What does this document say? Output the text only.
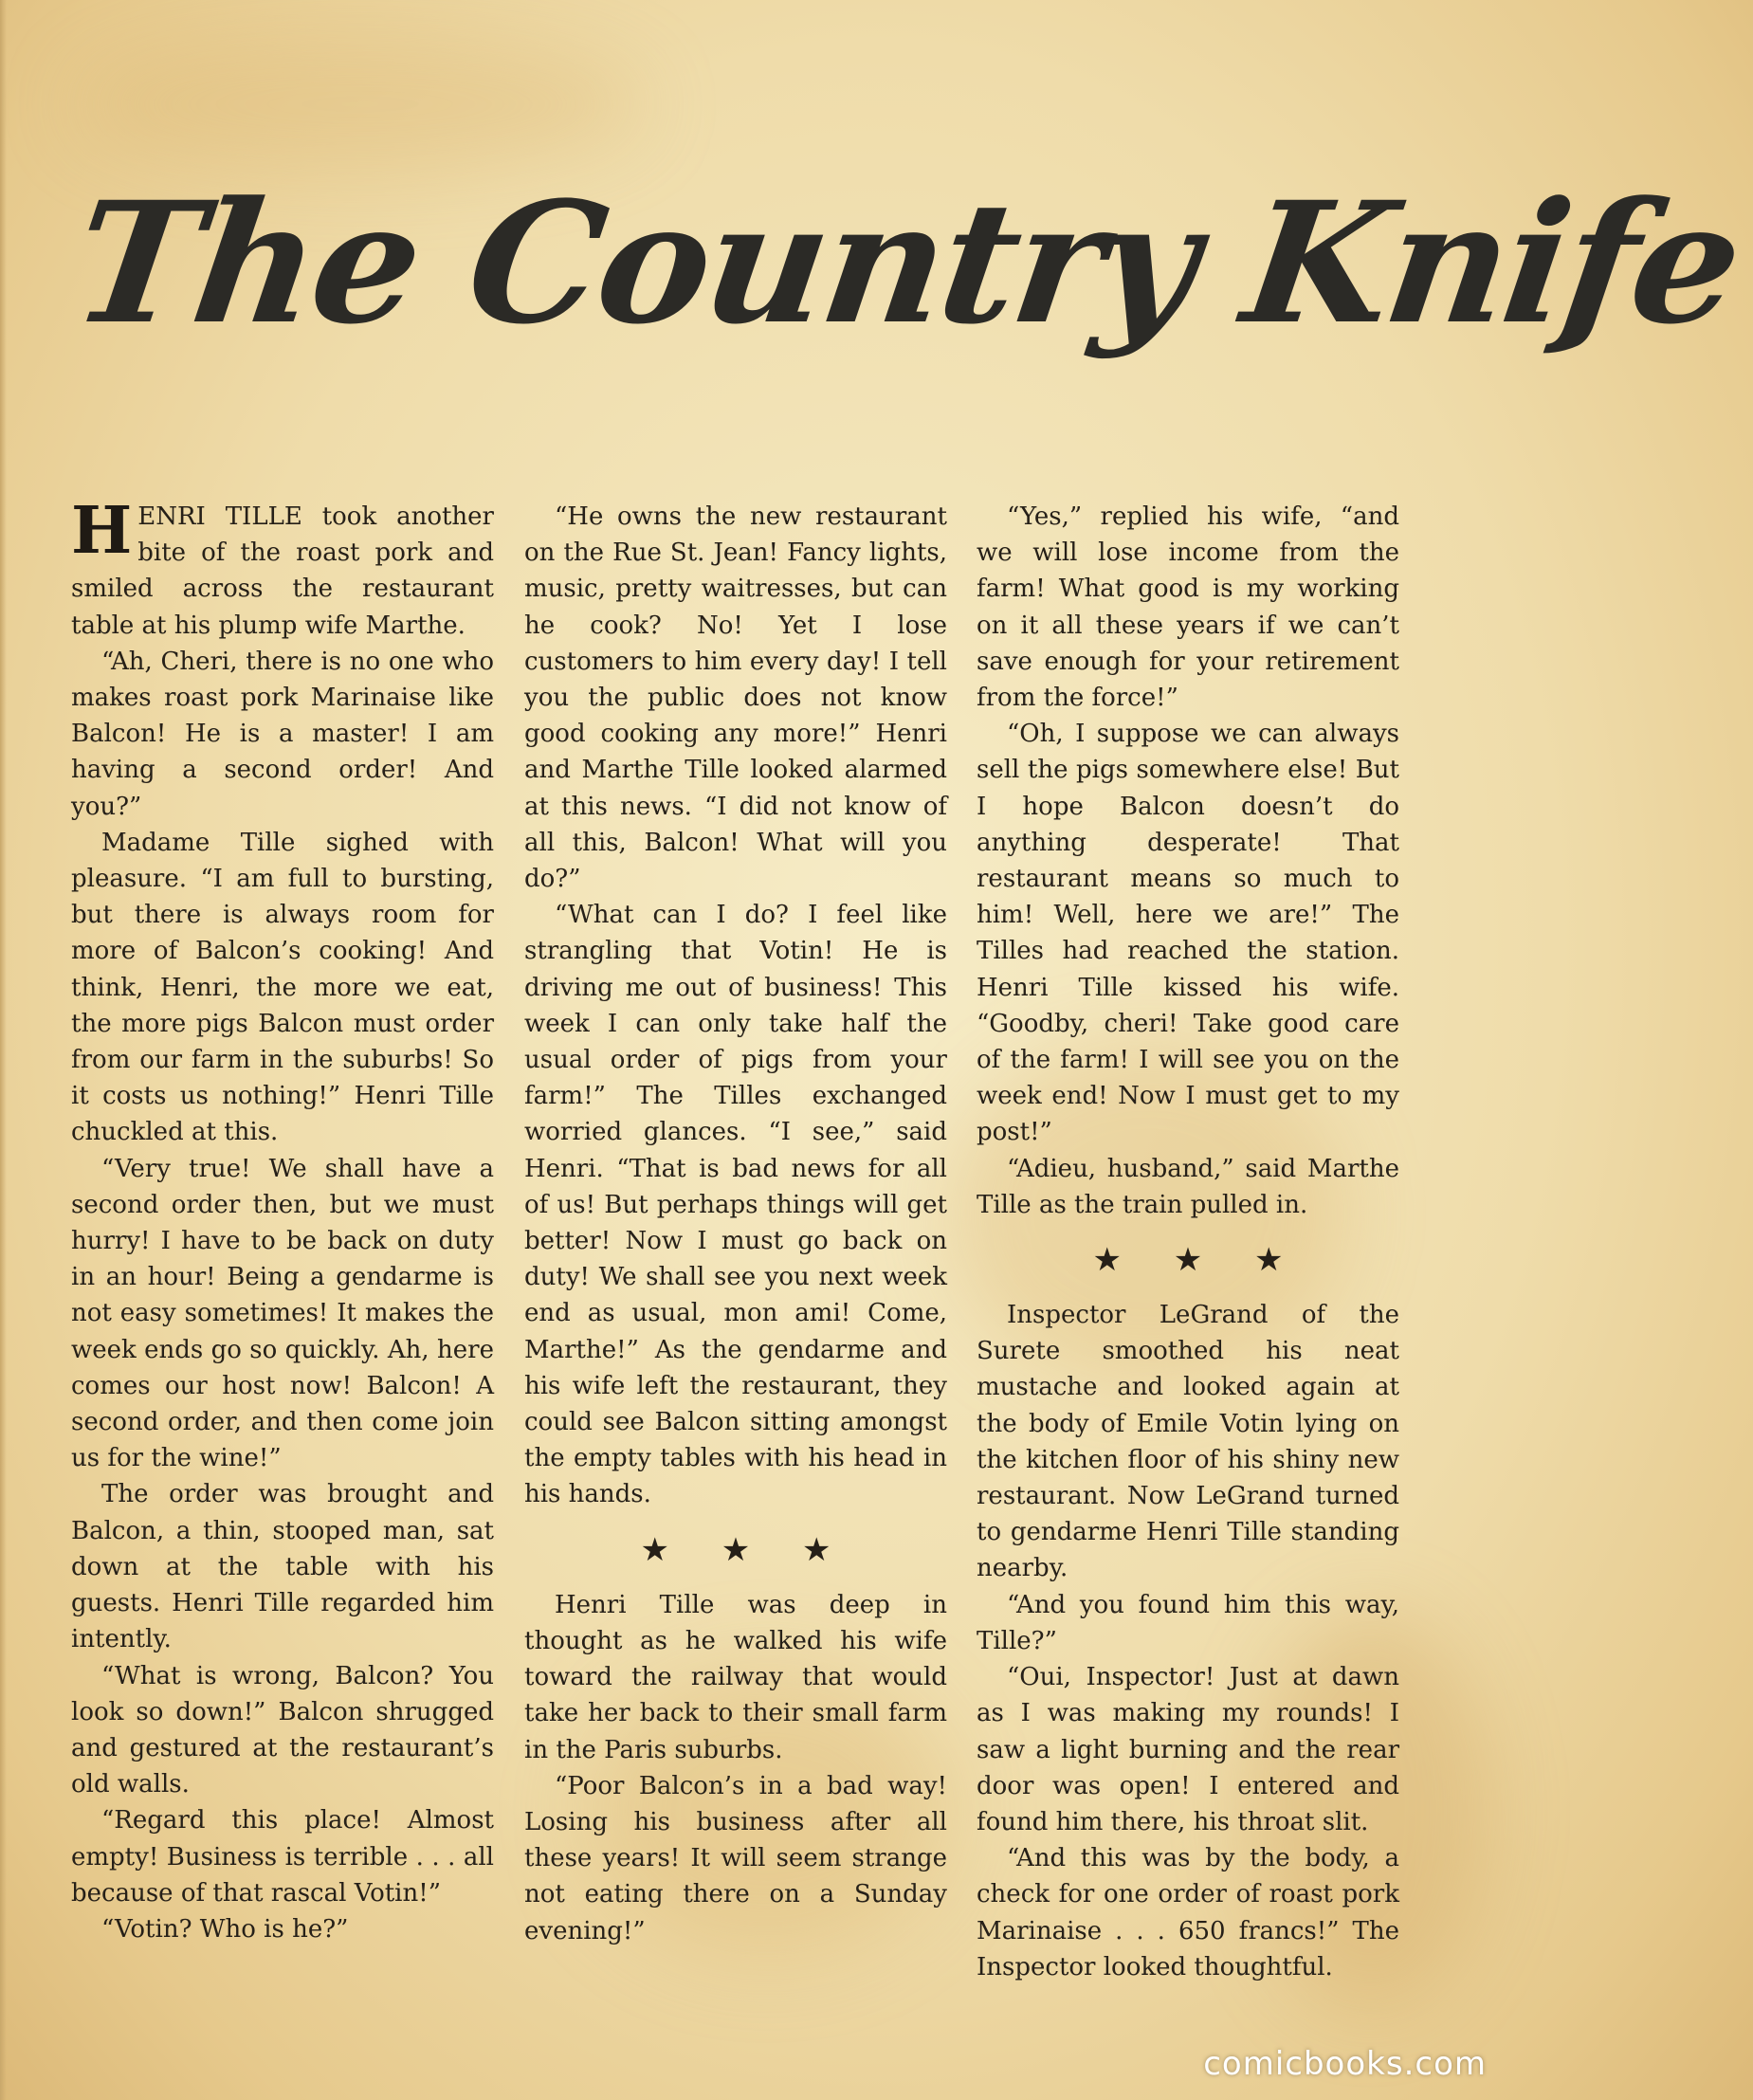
The Country Knife

HENRI TILLE took another bite of the roast pork and smiled across the restaurant table at his plump wife Marthe.

“Ah, Cheri, there is no one who makes roast pork Marinaise like Balcon! He is a master! I am having a second order! And you?”

Madame Tille sighed with pleasure. “I am full to bursting, but there is always room for more of Balcon’s cooking! And think, Henri, the more we eat, the more pigs Balcon must order from our farm in the suburbs! So it costs us nothing!” Henri Tille chuckled at this.

“Very true! We shall have a second order then, but we must hurry! I have to be back on duty in an hour! Being a gendarme is not easy sometimes! It makes the week ends go so quickly. Ah, here comes our host now! Balcon! A second order, and then come join us for the wine!”

The order was brought and Balcon, a thin, stooped man, sat down at the table with his guests. Henri Tille regarded him intently.

“What is wrong, Balcon? You look so down!” Balcon shrugged and gestured at the restaurant’s old walls.

“Regard this place! Almost empty! Business is terrible . . . all because of that rascal Votin!”

“Votin? Who is he?”

“He owns the new restaurant on the Rue St. Jean! Fancy lights, music, pretty waitresses, but can he cook? No! Yet I lose customers to him every day! I tell you the public does not know good cooking any more!” Henri and Marthe Tille looked alarmed at this news. “I did not know of all this, Balcon! What will you do?”

“What can I do? I feel like strangling that Votin! He is driving me out of business! This week I can only take half the usual order of pigs from your farm!” The Tilles exchanged worried glances. “I see,” said Henri. “That is bad news for all of us! But perhaps things will get better! Now I must go back on duty! We shall see you next week end as usual, mon ami! Come, Marthe!” As the gendarme and his wife left the restaurant, they could see Balcon sitting amongst the empty tables with his head in his hands.

★ ★ ★

Henri Tille was deep in thought as he walked his wife toward the railway that would take her back to their small farm in the Paris suburbs.

“Poor Balcon’s in a bad way! Losing his business after all these years! It will seem strange not eating there on a Sunday evening!”

“Yes,” replied his wife, “and we will lose income from the farm! What good is my working on it all these years if we can’t save enough for your retirement from the force!”

“Oh, I suppose we can always sell the pigs somewhere else! But I hope Balcon doesn’t do anything desperate! That restaurant means so much to him! Well, here we are!” The Tilles had reached the station. Henri Tille kissed his wife. “Goodby, cheri! Take good care of the farm! I will see you on the week end! Now I must get to my post!”

“Adieu, husband,” said Marthe Tille as the train pulled in.

★ ★ ★

Inspector LeGrand of the Surete smoothed his neat mustache and looked again at the body of Emile Votin lying on the kitchen floor of his shiny new restaurant. Now LeGrand turned to gendarme Henri Tille standing nearby.

“And you found him this way, Tille?”

“Oui, Inspector! Just at dawn as I was making my rounds! I saw a light burning and the rear door was open! I entered and found him there, his throat slit.

“And this was by the body, a check for one order of roast pork Marinaise . . . 650 francs!” The Inspector looked thoughtful.

comicbooks.com
